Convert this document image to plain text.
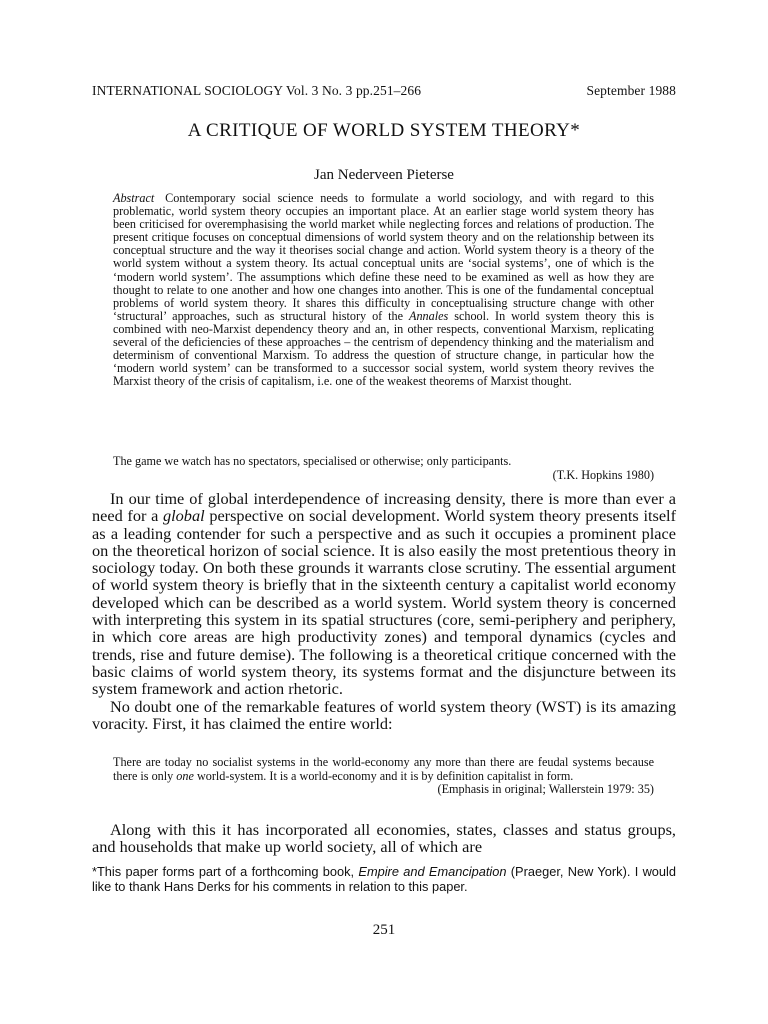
INTERNATIONAL SOCIOLOGY Vol. 3 No. 3 pp.251–266	September 1988
A CRITIQUE OF WORLD SYSTEM THEORY*
Jan Nederveen Pieterse

Abstract Contemporary social science needs to formulate a world sociology, and with regard to this problematic, world system theory occupies an important place. At an earlier stage world system theory has been criticised for overemphasising the world market while neglecting forces and relations of production. The present critique focuses on conceptual dimensions of world system theory and on the relationship between its conceptual structure and the way it theorises social change and action. World system theory is a theory of the world system without a system theory. Its actual conceptual units are ‘social systems’, one of which is the ‘modern world system’. The assumptions which define these need to be examined as well as how they are thought to relate to one another and how one changes into another. This is one of the fundamental conceptual problems of world system theory. It shares this difficulty in conceptualising structure change with other ‘structural’ approaches, such as structural history of the Annales school. In world system theory this is combined with neo-Marxist dependency theory and an, in other respects, conventional Marxism, replicating several of the deficiencies of these approaches – the centrism of dependency thinking and the materialism and determinism of conventional Marxism. To address the question of structure change, in particular how the ‘modern world system’ can be transformed to a successor social system, world system theory revives the Marxist theory of the crisis of capitalism, i.e. one of the weakest theorems of Marxist thought.

The game we watch has no spectators, specialised or otherwise; only participants.
(T.K. Hopkins 1980)

In our time of global interdependence of increasing density, there is more than ever a need for a global perspective on social development. World system theory presents itself as a leading contender for such a perspective and as such it occupies a prominent place on the theoretical horizon of social science. It is also easily the most pretentious theory in sociology today. On both these grounds it warrants close scrutiny. The essential argument of world system theory is briefly that in the sixteenth century a capitalist world economy developed which can be described as a world system. World system theory is concerned with interpreting this system in its spatial structures (core, semi-periphery and periphery, in which core areas are high productivity zones) and temporal dynamics (cycles and trends, rise and future demise). The following is a theoretical critique concerned with the basic claims of world system theory, its systems format and the disjuncture between its system framework and action rhetoric.

No doubt one of the remarkable features of world system theory (WST) is its amazing voracity. First, it has claimed the entire world:

There are today no socialist systems in the world-economy any more than there are feudal systems because there is only one world-system. It is a world-economy and it is by definition capitalist in form.

(Emphasis in original; Wallerstein 1979: 35)

Along with this it has incorporated all economies, states, classes and status groups, and households that make up world society, all of which are

*This paper forms part of a forthcoming book, Empire and Emancipation (Praeger, New York). I would like to thank Hans Derks for his comments in relation to this paper.
251
